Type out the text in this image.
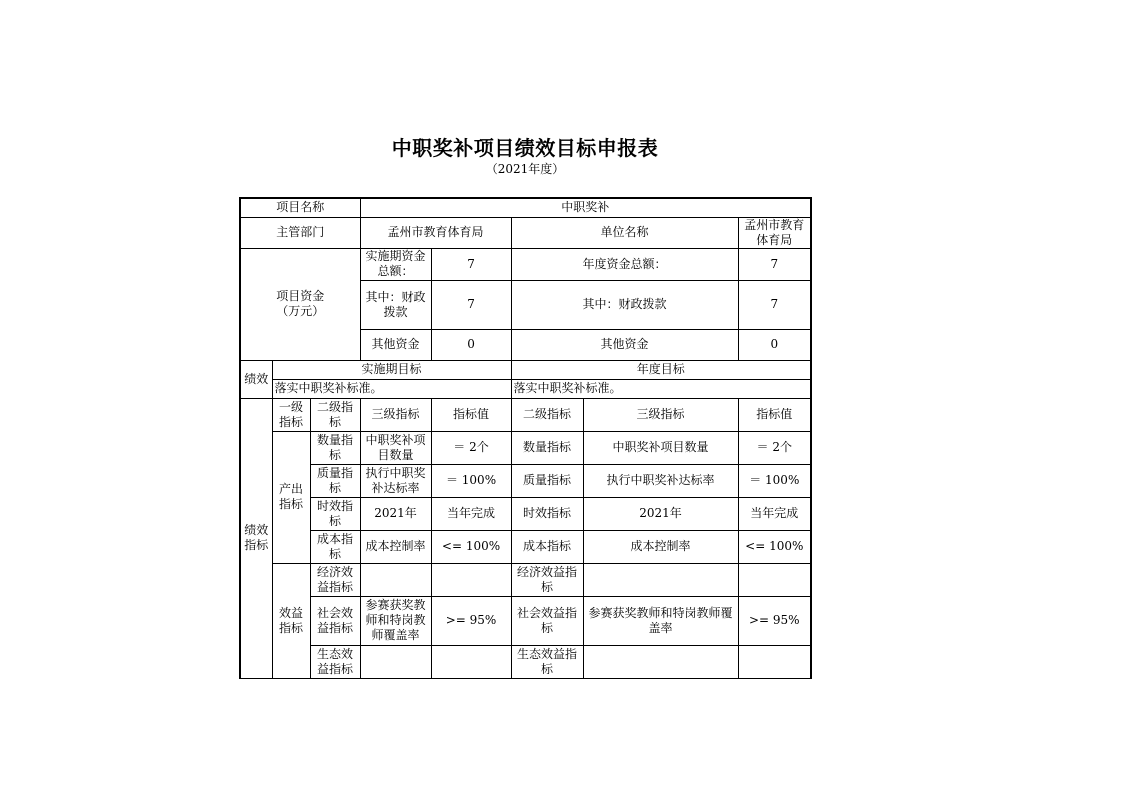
中职奖补项目绩效目标申报表
（2021年度）
项目名称			中职奖补				
主管部门			孟州市教育体育局		单位名称		孟州市教育体育局
项目资金
（万元）			实施期资金总额：	7	年度资金总额：		7
			其中：财政拨款	7	其中：财政拨款		7
			其他资金	0	其他资金		0
绩效	实施期目标				年度目标		
	落实中职奖补标准。				落实中职奖补标准。		
绩效指标	一级指标	二级指标	三级指标	指标值	二级指标	三级指标	指标值
	产出指标	数量指标	中职奖补项目数量	＝ 2个	数量指标	中职奖补项目数量	＝ 2个
		质量指标	执行中职奖补达标率	＝ 100%	质量指标	执行中职奖补达标率	＝ 100%
		时效指标	2021年	当年完成	时效指标	2021年	当年完成
		成本指标	成本控制率	<= 100%	成本指标	成本控制率	<= 100%
	效益指标	经济效益指标			经济效益指标		
		社会效益指标	参赛获奖教师和特岗教师覆盖率	>= 95%	社会效益指标	参赛获奖教师和特岗教师覆盖率	>= 95%
		生态效益指标			生态效益指标		
